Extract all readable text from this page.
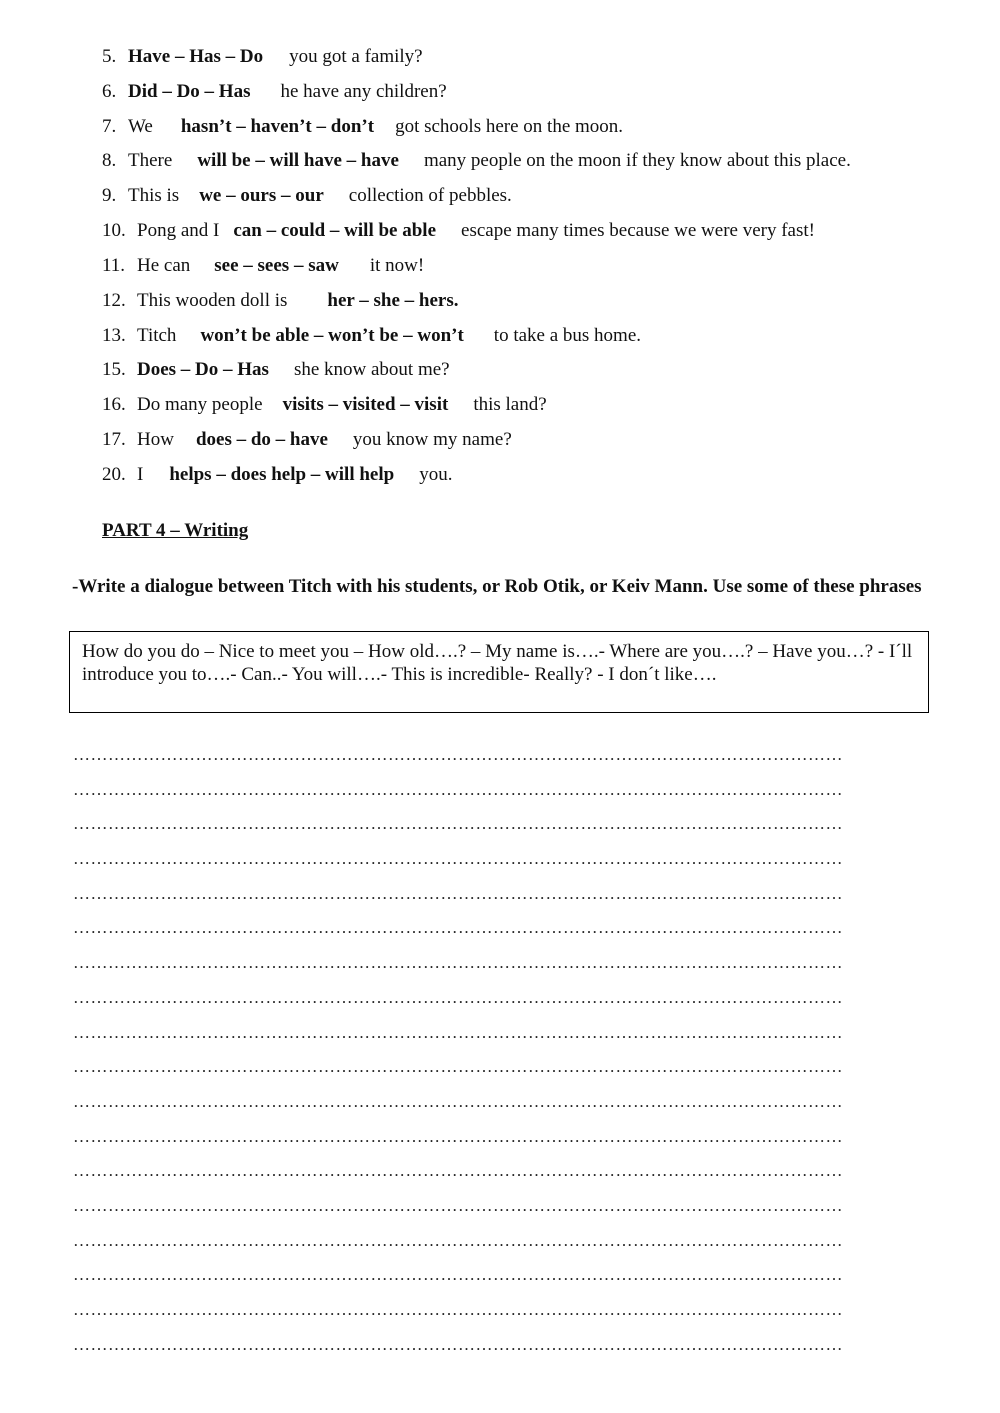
5. Have – Has – Do you got a family?
6. Did – Do – Has he have any children?
7. We hasn’t – haven’t – don’t got schools here on the moon.
8. There will be – will have – have many people on the moon if they know about this place.
9. This is we – ours – our collection of pebbles.
10. Pong and I can – could – will be able escape many times because we were very fast!
11. He can see – sees – saw it now!
12. This wooden doll is her – she – hers.
13. Titch won’t be able – won’t be – won’t to take a bus home.
15. Does – Do – Has she know about me?
16. Do many people visits – visited – visit this land?
17. How does – do – have you know my name?
20. I helps – does help – will help you.
PART 4 – Writing
-Write a dialogue between Titch with his students, or Rob Otik, or Keiv Mann. Use some of these phrases
How do you do – Nice to meet you – How old….? – My name is….- Where are you….? – Have you…? - I´ll introduce you to….- Can..- You will….- This is incredible- Really? - I don´t like….
……………………………………………………………………………………………………………………
……………………………………………………………………………………………………………………
……………………………………………………………………………………………………………………
……………………………………………………………………………………………………………………
……………………………………………………………………………………………………………………
……………………………………………………………………………………………………………………
……………………………………………………………………………………………………………………
……………………………………………………………………………………………………………………
……………………………………………………………………………………………………………………
……………………………………………………………………………………………………………………
……………………………………………………………………………………………………………………
……………………………………………………………………………………………………………………
……………………………………………………………………………………………………………………
……………………………………………………………………………………………………………………
……………………………………………………………………………………………………………………
……………………………………………………………………………………………………………………
……………………………………………………………………………………………………………………
……………………………………………………………………………………………………………………
